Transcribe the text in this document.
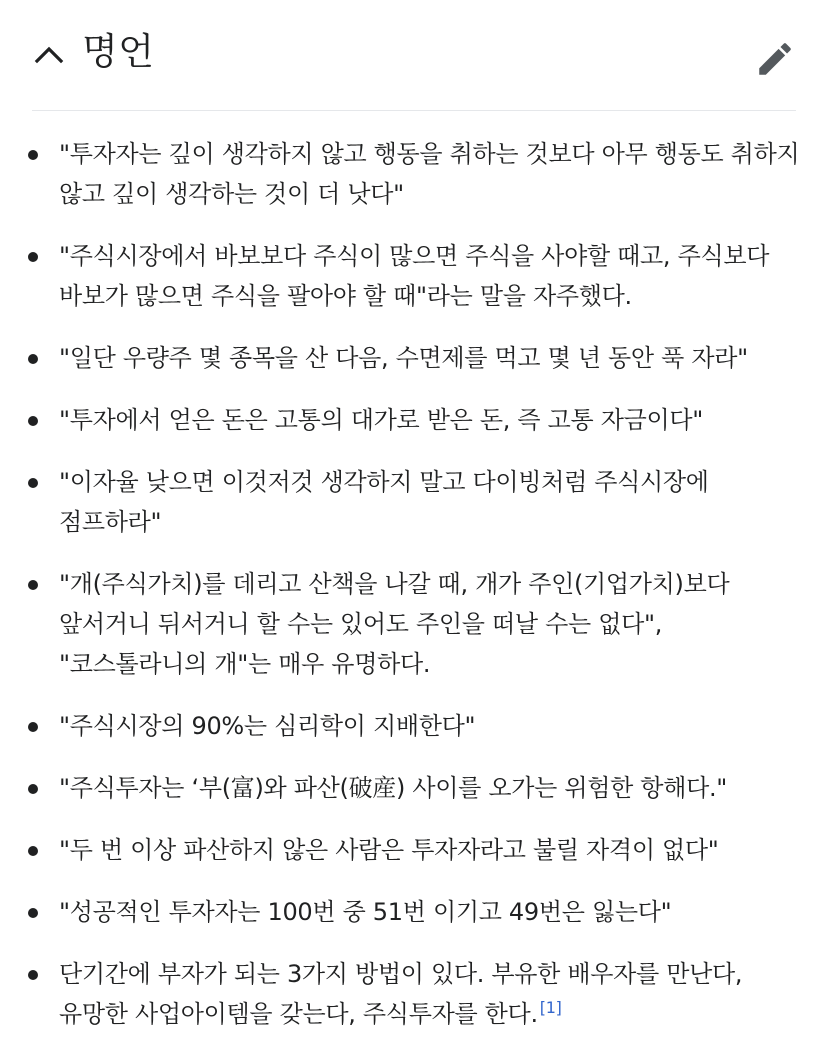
명언
"투자자는 깊이 생각하지 않고 행동을 취하는 것보다 아무 행동도 취하지 않고 깊이 생각하는 것이 더 낫다"
"주식시장에서 바보보다 주식이 많으면 주식을 사야할 때고, 주식보다 바보가 많으면 주식을 팔아야 할 때"라는 말을 자주했다.
"일단 우량주 몇 종목을 산 다음, 수면제를 먹고 몇 년 동안 푹 자라"
"투자에서 얻은 돈은 고통의 대가로 받은 돈, 즉 고통 자금이다"
"이자율 낮으면 이것저것 생각하지 말고 다이빙처럼 주식시장에 점프하라"
"개(주식가치)를 데리고 산책을 나갈 때, 개가 주인(기업가치)보다 앞서거니 뒤서거니 할 수는 있어도 주인을 떠날 수는 없다", "코스톨라니의 개"는 매우 유명하다.
"주식시장의 90%는 심리학이 지배한다"
"주식투자는 ‘부(富)와 파산(破産) 사이를 오가는 위험한 항해다."
"두 번 이상 파산하지 않은 사람은 투자자라고 불릴 자격이 없다"
"성공적인 투자자는 100번 중 51번 이기고 49번은 잃는다"
단기간에 부자가 되는 3가지 방법이 있다. 부유한 배우자를 만난다, 유망한 사업아이템을 갖는다, 주식투자를 한다. [1]
